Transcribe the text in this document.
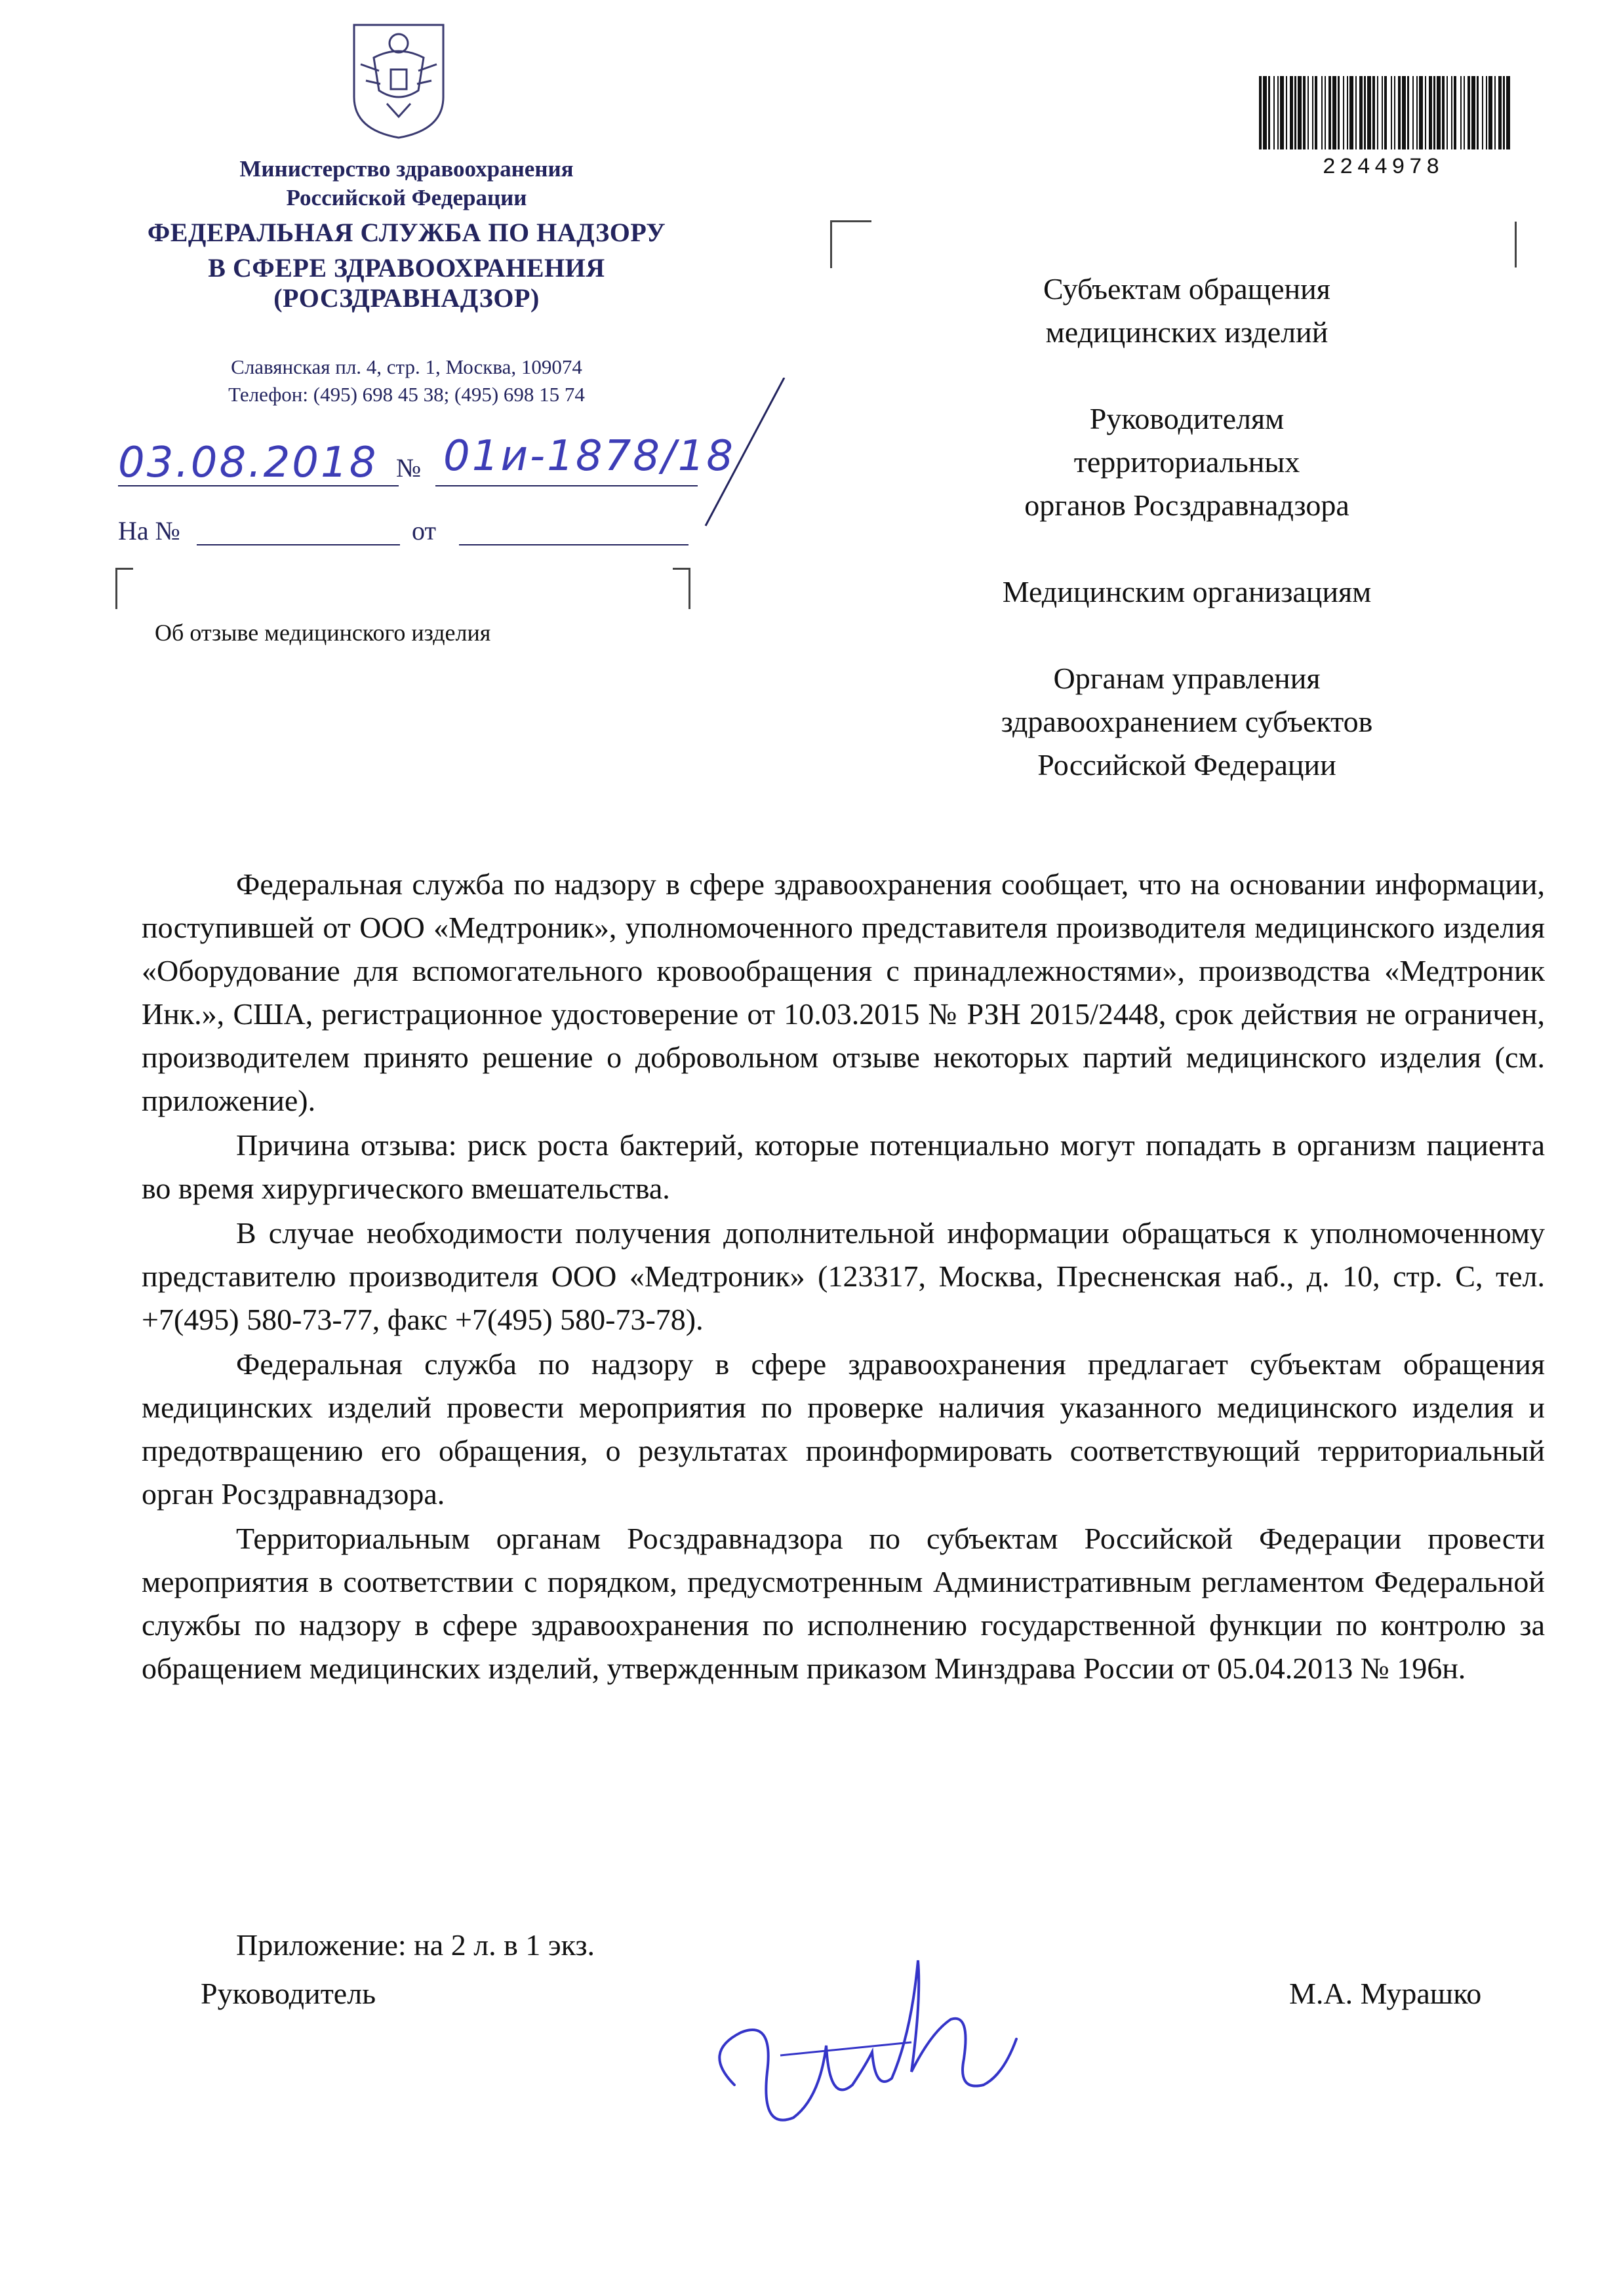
Министерство здравоохранения
Российской Федерации
ФЕДЕРАЛЬНАЯ СЛУЖБА ПО НАДЗОРУ
В СФЕРЕ ЗДРАВООХРАНЕНИЯ
(РОСЗДРАВНАДЗОР)
Славянская пл. 4, стр. 1, Москва, 109074
Телефон: (495) 698 45 38; (495) 698 15 74
03.08.2018 № 01и-1878/18
На №	от
Об отзыве медицинского изделия
2244978
Субъектам обращения
медицинских изделий
Руководителям
территориальных
органов Росздравнадзора
Медицинским организациям
Органам управления
здравоохранением субъектов
Российской Федерации

Федеральная служба по надзору в сфере здравоохранения сообщает, что на основании информации, поступившей от ООО «Медтроник», уполномоченного представителя производителя медицинского изделия «Оборудование для вспомогательного кровообращения с принадлежностями», производства «Медтроник Инк.», США, регистрационное удостоверение от 10.03.2015 № РЗН 2015/2448, срок действия не ограничен, производителем принято решение о добровольном отзыве некоторых партий медицинского изделия (см. приложение).

Причина отзыва: риск роста бактерий, которые потенциально могут попадать в организм пациента во время хирургического вмешательства.

В случае необходимости получения дополнительной информации обращаться к уполномоченному представителю производителя ООО «Медтроник» (123317, Москва, Пресненская наб., д. 10, стр. С, тел. +7(495) 580-73-77, факс +7(495) 580-73-78).

Федеральная служба по надзору в сфере здравоохранения предлагает субъектам обращения медицинских изделий провести мероприятия по проверке наличия указанного медицинского изделия и предотвращению его обращения, о результатах проинформировать соответствующий территориальный орган Росздравнадзора.

Территориальным органам Росздравнадзора по субъектам Российской Федерации провести мероприятия в соответствии с порядком, предусмотренным Административным регламентом Федеральной службы по надзору в сфере здравоохранения по исполнению государственной функции по контролю за обращением медицинских изделий, утвержденным приказом Минздрава России от 05.04.2013 № 196н.

Приложение: на 2 л. в 1 экз.
Руководитель	М.А. Мурашко
